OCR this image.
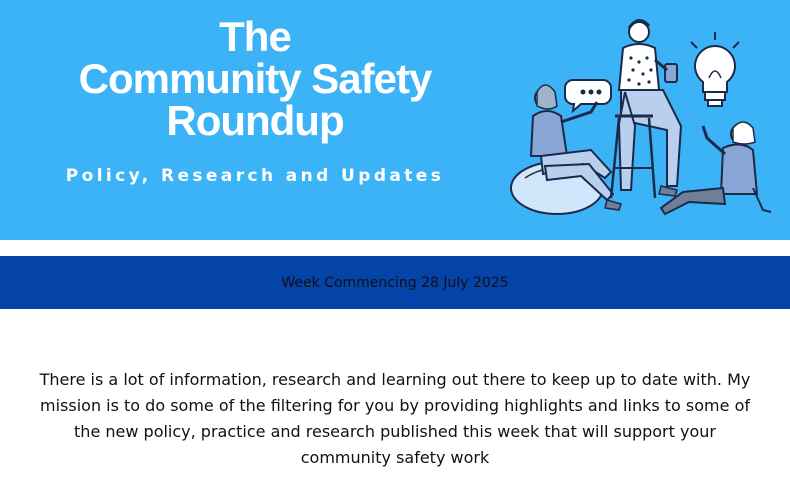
The
Community Safety
Roundup
Policy, Research and Updates
Week Commencing 28 July 2025
There is a lot of information, research and learning out there to keep up to date with. My mission is to do some of the filtering for you by providing highlights and links to some of the new policy, practice and research published this week that will support your community safety work
